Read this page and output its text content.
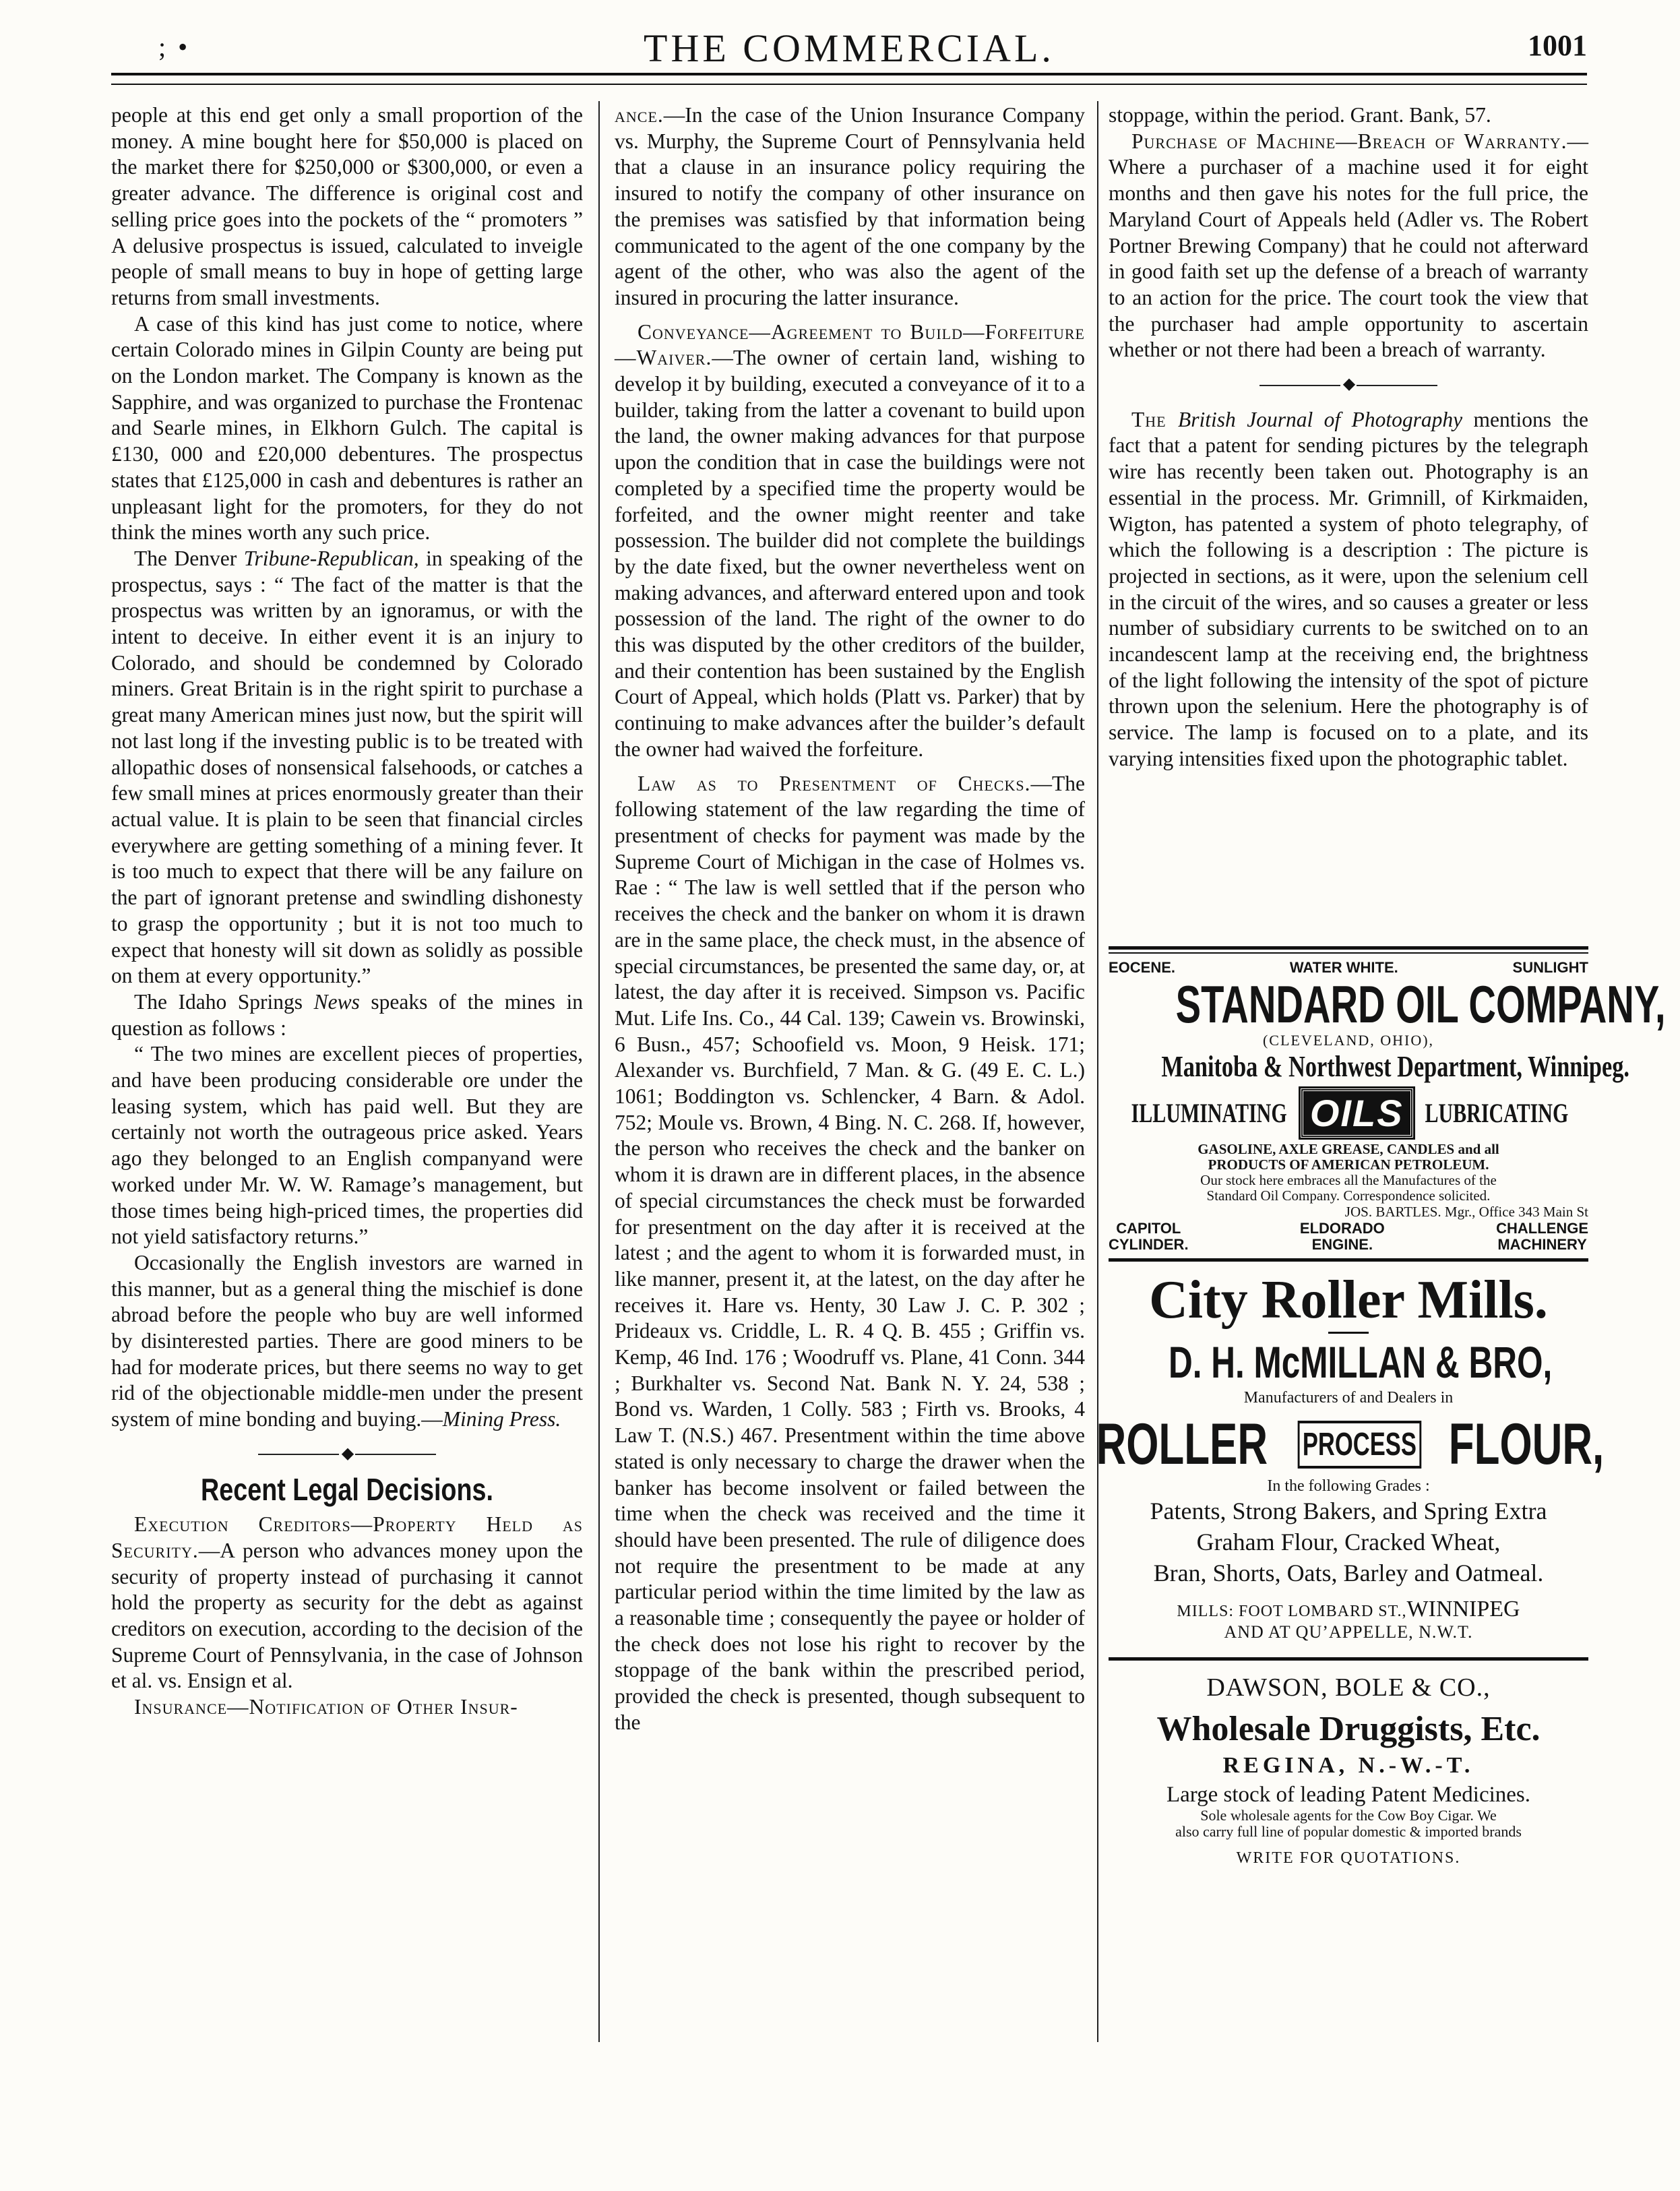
; •	THE COMMERCIAL.	1001

people at this end get only a small proportion of the money. A mine bought here for $50,000 is placed on the market there for $250,000 or $300,000, or even a greater advance. The difference is original cost and selling price goes into the pockets of the “ promoters ” A delusive prospectus is issued, calculated to inveigle people of small means to buy in hope of getting large returns from small investments.

A case of this kind has just come to notice, where certain Colorado mines in Gilpin County are being put on the London market. The Company is known as the Sapphire, and was organized to purchase the Frontenac and Searle mines, in Elkhorn Gulch. The capital is £130, 000 and £20,000 debentures. The prospectus states that £125,000 in cash and debentures is rather an unpleasant light for the promoters, for they do not think the mines worth any such price.

The Denver Tribune-Republican, in speaking of the prospectus, says : “ The fact of the matter is that the prospectus was written by an ignoramus, or with the intent to deceive. In either event it is an injury to Colorado, and should be condemned by Colorado miners. Great Britain is in the right spirit to purchase a great many American mines just now, but the spirit will not last long if the investing public is to be treated with allopathic doses of nonsensical falsehoods, or catches a few small mines at prices enormously greater than their actual value. It is plain to be seen that financial circles everywhere are getting something of a mining fever. It is too much to expect that there will be any failure on the part of ignorant pretense and swindling dishonesty to grasp the opportunity ; but it is not too much to expect that honesty will sit down as solidly as possible on them at every opportunity.”

The Idaho Springs News speaks of the mines in question as follows :

“ The two mines are excellent pieces of properties, and have been producing considerable ore under the leasing system, which has paid well. But they are certainly not worth the outrageous price asked. Years ago they belonged to an English companyand were worked under Mr. W. W. Ramage’s management, but those times being high-priced times, the properties did not yield satisfactory returns.”

Occasionally the English investors are warned in this manner, but as a general thing the mischief is done abroad before the people who buy are well informed by disinterested parties. There are good miners to be had for moderate prices, but there seems no way to get rid of the objectionable middle-men under the present system of mine bonding and buying.—Mining Press.

◆
Recent Legal Decisions.

Execution Creditors—Property Held as Security.—A person who advances money upon the security of property instead of purchasing it cannot hold the property as security for the debt as against creditors on execution, according to the decision of the Supreme Court of Pennsylvania, in the case of Johnson et al. vs. Ensign et al.

Insurance—Notification of Other Insur-

ance.—In the case of the Union Insurance Company vs. Murphy, the Supreme Court of Pennsylvania held that a clause in an insurance policy requiring the insured to notify the company of other insurance on the premises was satisfied by that information being communicated to the agent of the one company by the agent of the other, who was also the agent of the insured in procuring the latter insurance.

Conveyance—Agreement to Build—Forfeiture—Waiver.—The owner of certain land, wishing to develop it by building, executed a conveyance of it to a builder, taking from the latter a covenant to build upon the land, the owner making advances for that purpose upon the condition that in case the buildings were not completed by a specified time the property would be forfeited, and the owner might reenter and take possession. The builder did not complete the buildings by the date fixed, but the owner nevertheless went on making advances, and afterward entered upon and took possession of the land. The right of the owner to do this was disputed by the other creditors of the builder, and their contention has been sustained by the English Court of Appeal, which holds (Platt vs. Parker) that by continuing to make advances after the builder’s default the owner had waived the forfeiture.

Law as to Presentment of Checks.—The following statement of the law regarding the time of presentment of checks for payment was made by the Supreme Court of Michigan in the case of Holmes vs. Rae : “ The law is well settled that if the person who receives the check and the banker on whom it is drawn are in the same place, the check must, in the absence of special circumstances, be presented the same day, or, at latest, the day after it is received. Simpson vs. Pacific Mut. Life Ins. Co., 44 Cal. 139; Cawein vs. Browinski, 6 Busn., 457; Schoofield vs. Moon, 9 Heisk. 171; Alexander vs. Burchfield, 7 Man. & G. (49 E. C. L.) 1061; Boddington vs. Schlencker, 4 Barn. & Adol. 752; Moule vs. Brown, 4 Bing. N. C. 268. If, however, the person who receives the check and the banker on whom it is drawn are in different places, in the absence of special circumstances the check must be forwarded for presentment on the day after it is received at the latest ; and the agent to whom it is forwarded must, in like manner, present it, at the latest, on the day after he receives it. Hare vs. Henty, 30 Law J. C. P. 302 ; Prideaux vs. Criddle, L. R. 4 Q. B. 455 ; Griffin vs. Kemp, 46 Ind. 176 ; Woodruff vs. Plane, 41 Conn. 344 ; Burkhalter vs. Second Nat. Bank N. Y. 24, 538 ; Bond vs. Warden, 1 Colly. 583 ; Firth vs. Brooks, 4 Law T. (N.S.) 467. Presentment within the time above stated is only necessary to charge the drawer when the banker has become insolvent or failed between the time when the check was received and the time it should have been presented. The rule of diligence does not require the presentment to be made at any particular period within the time limited by the law as a reasonable time ; consequently the payee or holder of the check does not lose his right to recover by the stoppage of the bank within the prescribed period, provided the check is presented, though subsequent to the

stoppage, within the period. Grant. Bank, 57.

Purchase of Machine—Breach of Warranty.—Where a purchaser of a machine used it for eight months and then gave his notes for the full price, the Maryland Court of Appeals held (Adler vs. The Robert Portner Brewing Company) that he could not afterward in good faith set up the defense of a breach of warranty to an action for the price. The court took the view that the purchaser had ample opportunity to ascertain whether or not there had been a breach of warranty.

◆

The British Journal of Photography mentions the fact that a patent for sending pictures by the telegraph wire has recently been taken out. Photography is an essential in the process. Mr. Grimnill, of Kirkmaiden, Wigton, has patented a system of photo telegraphy, of which the following is a description : The picture is projected in sections, as it were, upon the selenium cell in the circuit of the wires, and so causes a greater or less number of subsidiary currents to be switched on to an incandescent lamp at the receiving end, the brightness of the light following the intensity of the spot of picture thrown upon the selenium. Here the photography is of service. The lamp is focused on to a plate, and its varying intensities fixed upon the photographic tablet.

EOCENE.	WATER WHITE.	SUNLIGHT
STANDARD OIL COMPANY,
(CLEVELAND, OHIO),
Manitoba & Northwest Department, Winnipeg.
ILLUMINATING OILS LUBRICATING
GASOLINE, AXLE GREASE, CANDLES and all
PRODUCTS OF AMERICAN PETROLEUM.
Our stock here embraces all the Manufactures of the
Standard Oil Company. Correspondence solicited.
JOS. BARTLES. Mgr., Office 343 Main St
CAPITOL
CYLINDER.
ELDORADO
ENGINE.
CHALLENGE
MACHINERY
City Roller Mills.
D. H. McMILLAN & BRO,
Manufacturers of and Dealers in
ROLLER PROCESS FLOUR,
In the following Grades :
Patents, Strong Bakers, and Spring Extra
Graham Flour, Cracked Wheat,
Bran, Shorts, Oats, Barley and Oatmeal.
MILLS: FOOT LOMBARD ST.,WINNIPEG
AND AT QU’APPELLE, N.W.T.
DAWSON, BOLE & CO.,
Wholesale Druggists, Etc.
REGINA, N.-W.-T.
Large stock of leading Patent Medicines.
Sole wholesale agents for the Cow Boy Cigar. We
also carry full line of popular domestic & imported brands
WRITE FOR QUOTATIONS.
